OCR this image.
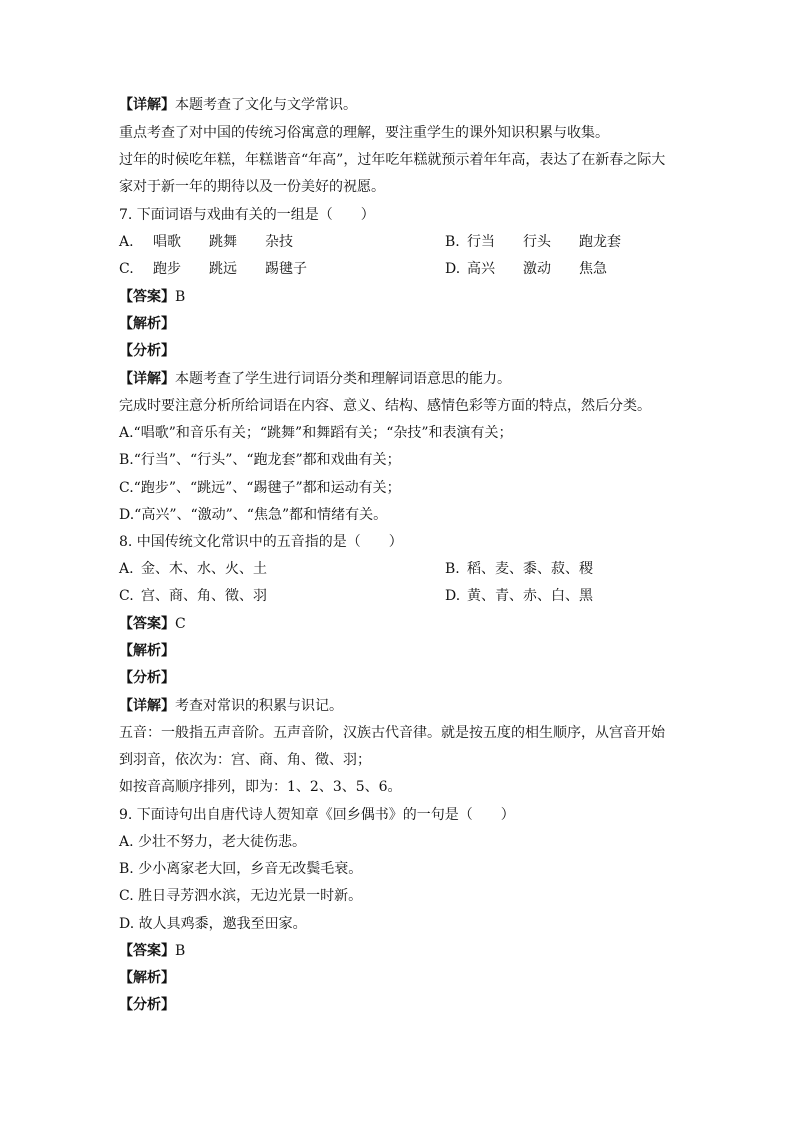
【详解】本题考查了文化与文学常识。
重点考查了对中国的传统习俗寓意的理解，要注重学生的课外知识积累与收集。
过年的时候吃年糕，年糕谐音“年高”，过年吃年糕就预示着年年高，表达了在新春之际大
家对于新一年的期待以及一份美好的祝愿。
7. 下面词语与戏曲有关的一组是（　　）
A. 唱歌 跳舞 杂技	B. 行当 行头 跑龙套
C. 跑步 跳远 踢毽子	D. 高兴 激动 焦急
【答案】B
【解析】
【分析】
【详解】本题考查了学生进行词语分类和理解词语意思的能力。
完成时要注意分析所给词语在内容、意义、结构、感情色彩等方面的特点，然后分类。
A.“唱歌”和音乐有关；“跳舞”和舞蹈有关；“杂技”和表演有关；
B.“行当”、“行头”、“跑龙套”都和戏曲有关；
C.“跑步”、“跳远”、“踢毽子”都和运动有关；
D.“高兴”、“激动”、“焦急”都和情绪有关。
8. 中国传统文化常识中的五音指的是（　　）
A. 金、木、水、火、土	B. 稻、麦、黍、菽、稷
C. 宫、商、角、徵、羽	D. 黄、青、赤、白、黑
【答案】C
【解析】
【分析】
【详解】考查对常识的积累与识记。
五音：一般指五声音阶。五声音阶，汉族古代音律。就是按五度的相生顺序，从宫音开始
到羽音，依次为：宫、商、角、徵、羽；
如按音高顺序排列，即为：1、2、3、5、6。
9. 下面诗句出自唐代诗人贺知章《回乡偶书》的一句是（　　）
A. 少壮不努力，老大徒伤悲。
B. 少小离家老大回，乡音无改鬓毛衰。
C. 胜日寻芳泗水滨，无边光景一时新。
D. 故人具鸡黍，邀我至田家。
【答案】B
【解析】
【分析】
